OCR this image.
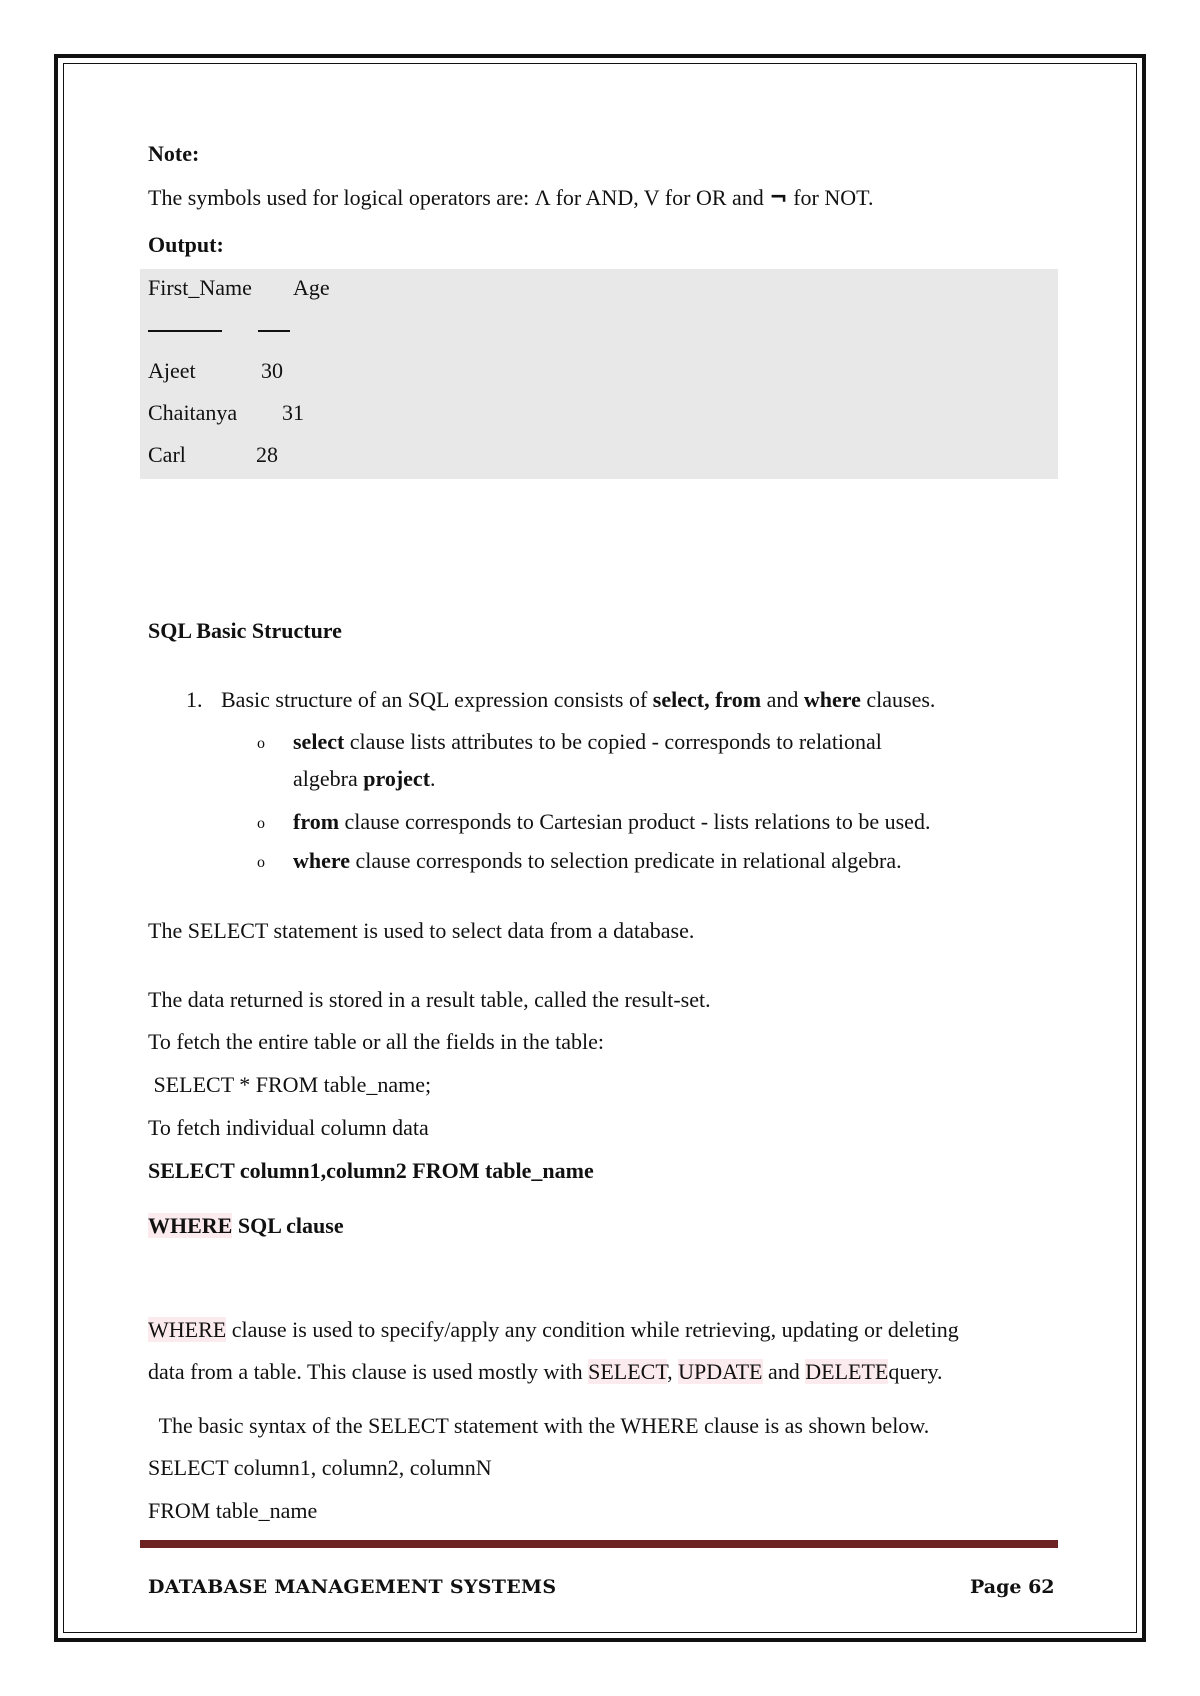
Note:
The symbols used for logical operators are: Λ for AND, V for OR and ¬ for NOT.
Output:
First_Name Age
Ajeet	30
Chaitanya 31
Carl	28
SQL Basic Structure
1. Basic structure of an SQL expression consists of select, from and where clauses.
o select clause lists attributes to be copied - corresponds to relational
algebra project.
o from clause corresponds to Cartesian product - lists relations to be used.
o where clause corresponds to selection predicate in relational algebra.
The SELECT statement is used to select data from a database.
The data returned is stored in a result table, called the result-set.
To fetch the entire table or all the fields in the table:
SELECT * FROM table_name;
To fetch individual column data
SELECT column1,column2 FROM table_name
WHERE SQL clause
WHERE clause is used to specify/apply any condition while retrieving, updating or deleting
data from a table. This clause is used mostly with SELECT, UPDATE and DELETEquery.
The basic syntax of the SELECT statement with the WHERE clause is as shown below.
SELECT column1, column2, columnN
FROM table_name
DATABASE MANAGEMENT SYSTEMS	Page 62
